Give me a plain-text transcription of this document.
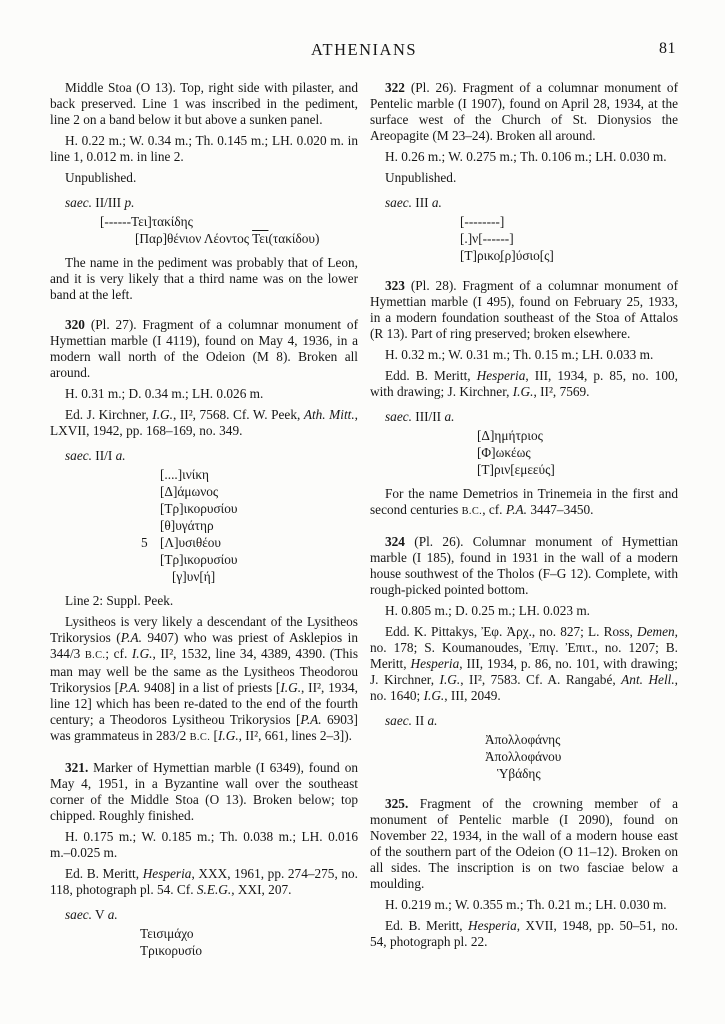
ATHENIANS	81

Middle Stoa (O 13). Top, right side with pilaster, and back preserved. Line 1 was inscribed in the pediment, line 2 on a band below it but above a sunken panel.

H. 0.22 m.; W. 0.34 m.; Th. 0.145 m.; LH. 0.020 m. in line 1, 0.012 m. in line 2.

Unpublished.

saec. II/III p.

[------Τει]τακίδης
[Παρ]θένιον Λέοντος $\overline{T\varepsilon\iota}(\tau\alpha\kappa ί\delta o\upsilon)$

The name in the pediment was probably that of Leon, and it is very likely that a third name was on the lower band at the left.

320 (Pl. 27). Fragment of a columnar monument of Hymettian marble (I 4119), found on May 4, 1936, in a modern wall north of the Odeion (M 8). Broken all around.

H. 0.31 m.; D. 0.34 m.; LH. 0.026 m.

Ed. J. Kirchner, I.G., II², 7568. Cf. W. Peek, Ath. Mitt., LXVII, 1942, pp. 168–169, no. 349.

saec. II/I a.

[....]ινίκη
[Δ]άμωνος
[Τρ]ικορυσίου
[θ]υγάτηρ
5 [Λ]υσιθέου
[Τρ]ικορυσίου
[γ]υν[ή]

Line 2: Suppl. Peek.

Lysitheos is very likely a descendant of the Lysitheos Trikorysios (P.A. 9407) who was priest of Asklepios in 344/3 B.C.; cf. I.G., II², 1532, line 34, 4389, 4390. (This man may well be the same as the Lysitheos Theodorou Trikorysios [P.A. 9408] in a list of priests [I.G., II², 1934, line 12] which has been re-dated to the end of the fourth century; a Theodoros Lysitheou Trikorysios [P.A. 6903] was grammateus in 283/2 B.C. [I.G., II², 661, lines 2–3]).

321. Marker of Hymettian marble (I 6349), found on May 4, 1951, in a Byzantine wall over the southeast corner of the Middle Stoa (O 13). Broken below; top chipped. Roughly finished.

H. 0.175 m.; W. 0.185 m.; Th. 0.038 m.; LH. 0.016 m.–0.025 m.

Ed. B. Meritt, Hesperia, XXX, 1961, pp. 274–275, no. 118, photograph pl. 54. Cf. S.E.G., XXI, 207.

saec. V a.

Τεισιμάχο
Τρικορυσίο

322 (Pl. 26). Fragment of a columnar monument of Pentelic marble (I 1907), found on April 28, 1934, at the surface west of the Church of St. Dionysios the Areopagite (M 23–24). Broken all around.

H. 0.26 m.; W. 0.275 m.; Th. 0.106 m.; LH. 0.030 m.

Unpublished.

saec. III a.

[--------]
[.]ν[------]
[Τ]ρικο̣[ρ]ύσιο[ς]

323 (Pl. 28). Fragment of a columnar monument of Hymettian marble (I 495), found on February 25, 1933, in a modern foundation southeast of the Stoa of Attalos (R 13). Part of ring preserved; broken elsewhere.

H. 0.32 m.; W. 0.31 m.; Th. 0.15 m.; LH. 0.033 m.

Edd. B. Meritt, Hesperia, III, 1934, p. 85, no. 100, with drawing; J. Kirchner, I.G., II², 7569.

saec. III/II a.

[Δ]ημήτριος
[Φ]ωκέως
[Τ]ριν[εμεεύς]

For the name Demetrios in Trinemeia in the first and second centuries B.C., cf. P.A. 3447–3450.

324 (Pl. 26). Columnar monument of Hymettian marble (I 185), found in 1931 in the wall of a modern house southwest of the Tholos (F–G 12). Complete, with rough-picked pointed bottom.

H. 0.805 m.; D. 0.25 m.; LH. 0.023 m.

Edd. K. Pittakys, Ἐφ. Ἀρχ., no. 827; L. Ross, Demen, no. 178; S. Koumanoudes, Ἐπιγ. Ἐπιτ., no. 1207; B. Meritt, Hesperia, III, 1934, p. 86, no. 101, with drawing; J. Kirchner, I.G., II², 7583. Cf. A. Rangabé, Ant. Hell., no. 1640; I.G., III, 2049.

saec. II a.

Ἀπολλοφάνης
Ἀπολλοφάνου
Ὑβάδης

325. Fragment of the crowning member of a monument of Pentelic marble (I 2090), found on November 22, 1934, in the wall of a modern house east of the southern part of the Odeion (O 11–12). Broken on all sides. The inscription is on two fasciae below a moulding.

H. 0.219 m.; W. 0.355 m.; Th. 0.21 m.; LH. 0.030 m.

Ed. B. Meritt, Hesperia, XVII, 1948, pp. 50–51, no. 54, photograph pl. 22.
